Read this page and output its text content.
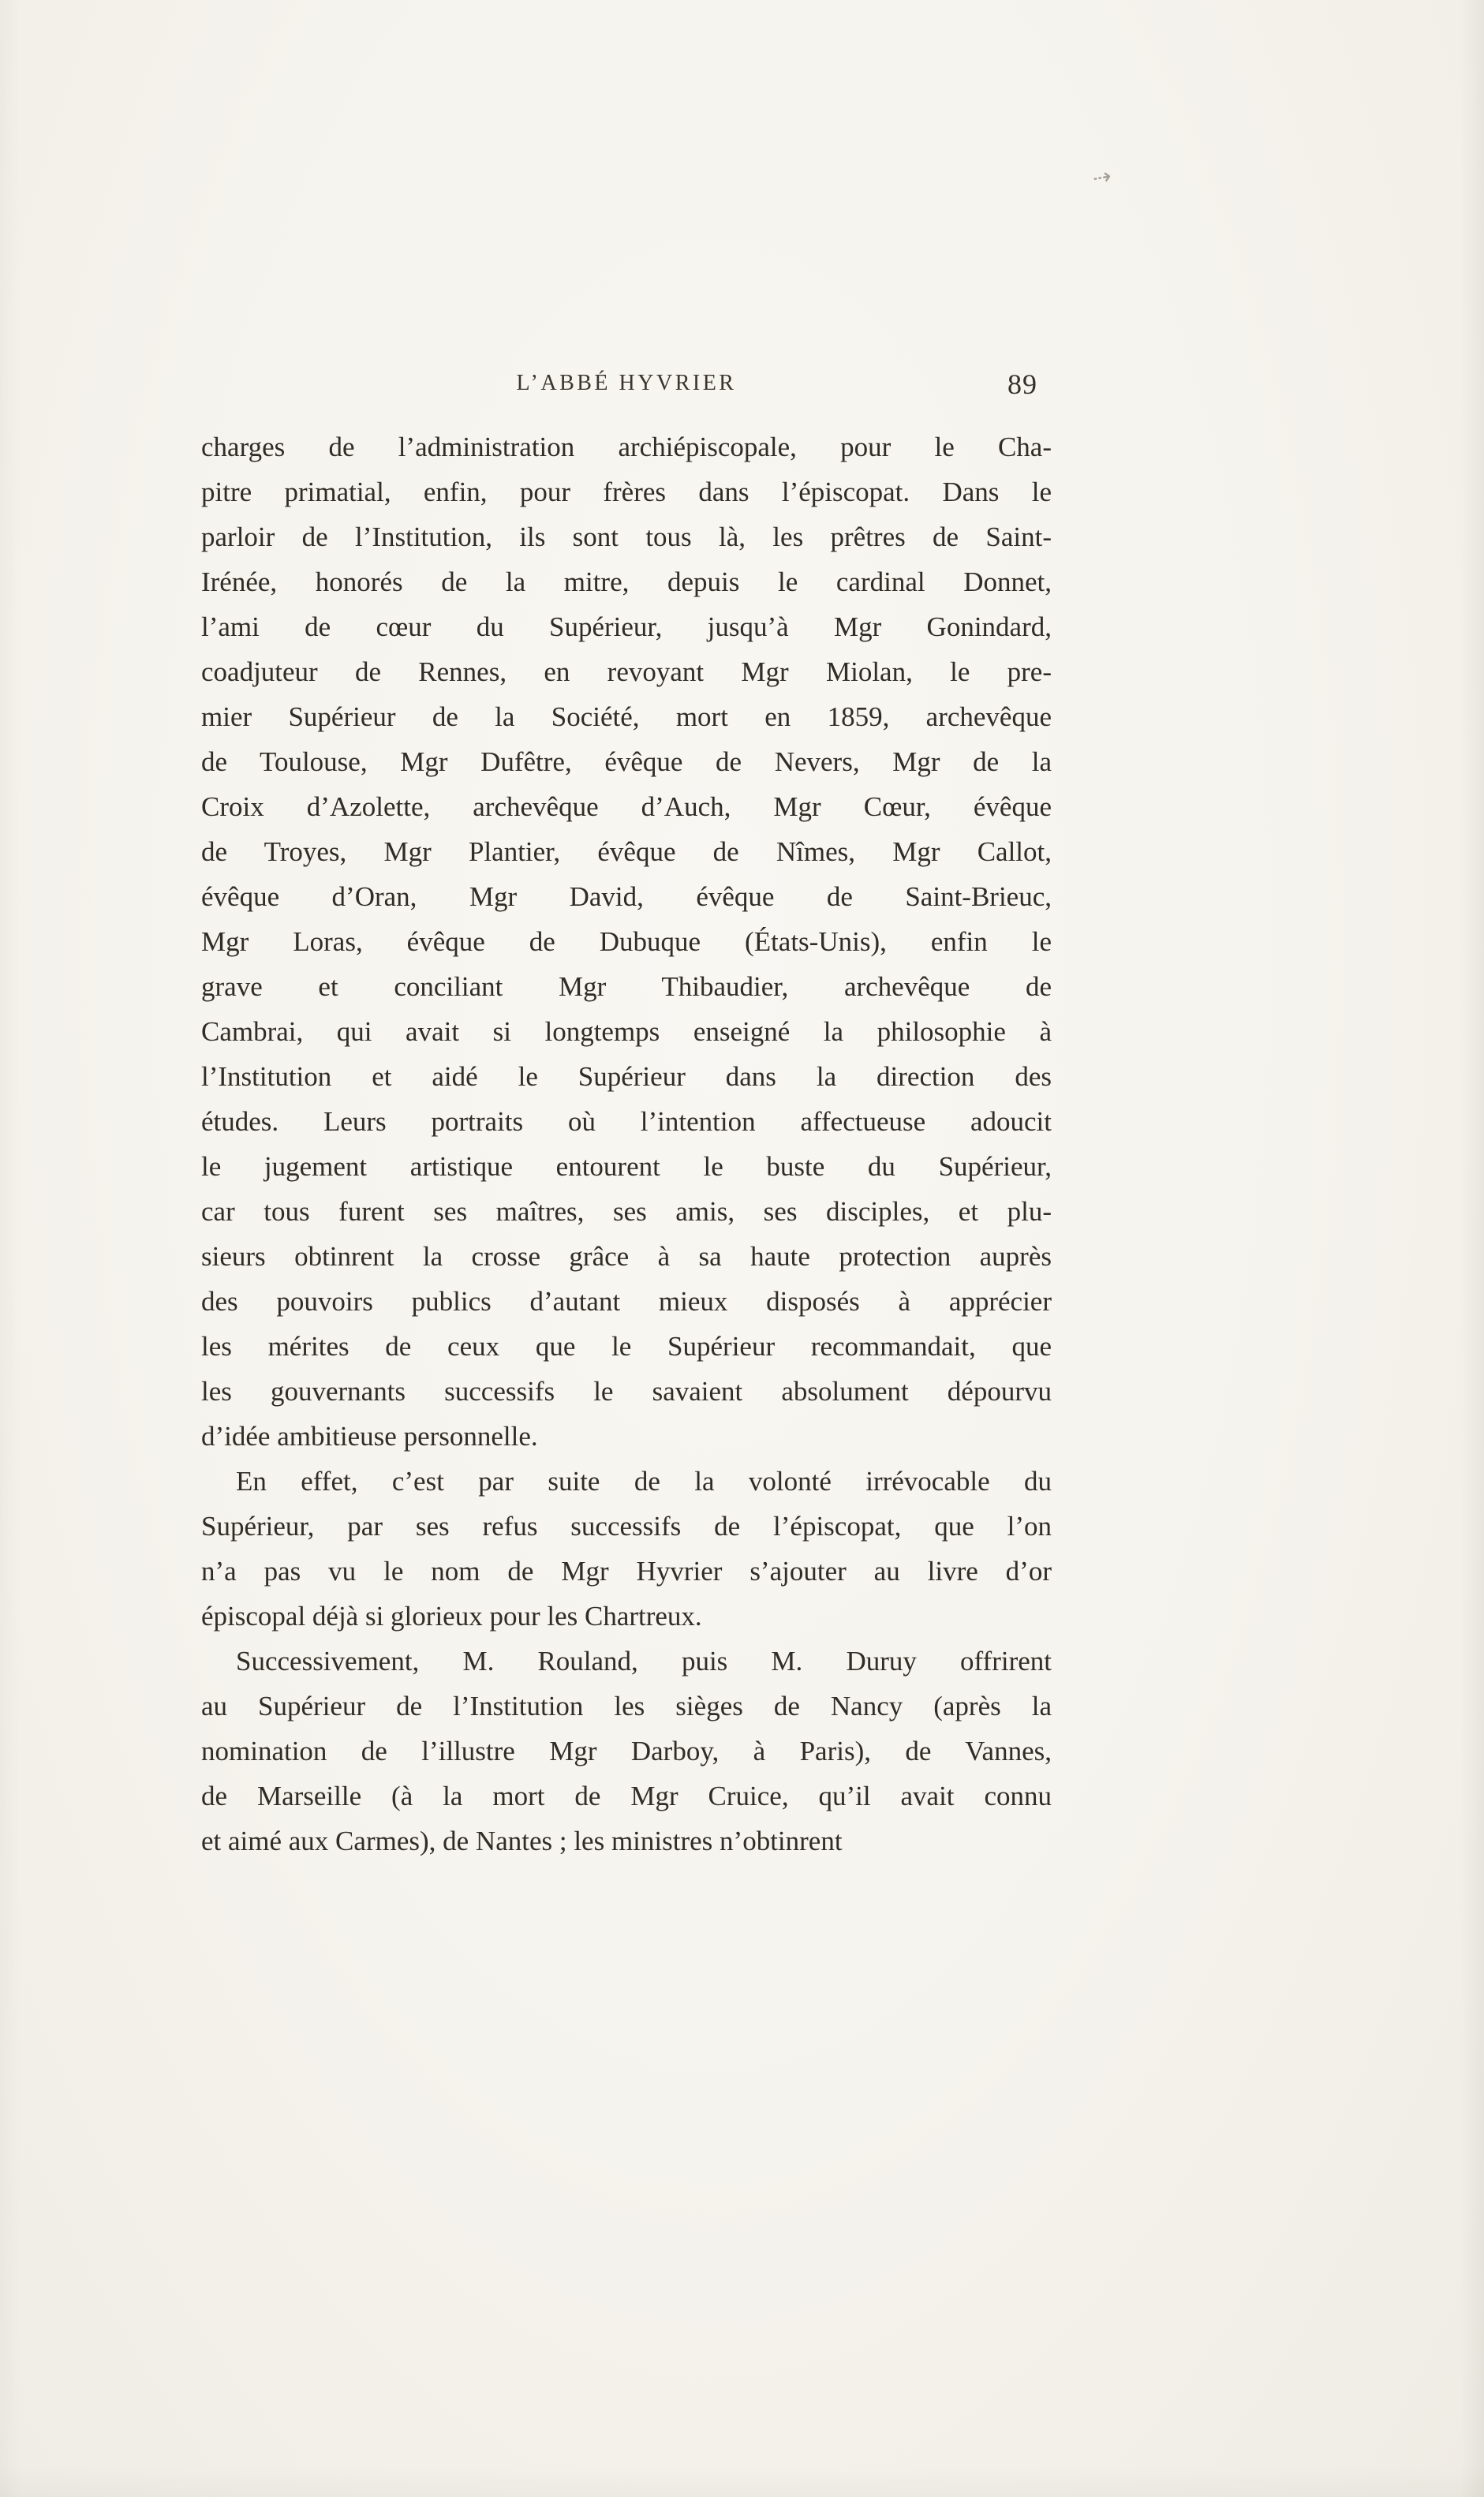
⇢
L’ABBÉ HYVRIER	89

charges de l’administration archiépiscopale, pour le Cha-
pitre primatial, enfin, pour frères dans l’épiscopat. Dans le
parloir de l’Institution, ils sont tous là, les prêtres de Saint-
Irénée, honorés de la mitre, depuis le cardinal Donnet,
l’ami de cœur du Supérieur, jusqu’à Mgr Gonindard,
coadjuteur de Rennes, en revoyant Mgr Miolan, le pre-
mier Supérieur de la Société, mort en 1859, archevêque
de Toulouse, Mgr Dufêtre, évêque de Nevers, Mgr de la
Croix d’Azolette, archevêque d’Auch, Mgr Cœur, évêque
de Troyes, Mgr Plantier, évêque de Nîmes, Mgr Callot,
évêque d’Oran, Mgr David, évêque de Saint-Brieuc,
Mgr Loras, évêque de Dubuque (États-Unis), enfin le
grave et conciliant Mgr Thibaudier, archevêque de
Cambrai, qui avait si longtemps enseigné la philosophie à
l’Institution et aidé le Supérieur dans la direction des
études. Leurs portraits où l’intention affectueuse adoucit
le jugement artistique entourent le buste du Supérieur,
car tous furent ses maîtres, ses amis, ses disciples, et plu-
sieurs obtinrent la crosse grâce à sa haute protection auprès
des pouvoirs publics d’autant mieux disposés à apprécier
les mérites de ceux que le Supérieur recommandait, que
les gouvernants successifs le savaient absolument dépourvu
d’idée ambitieuse personnelle.

En effet, c’est par suite de la volonté irrévocable du
Supérieur, par ses refus successifs de l’épiscopat, que l’on
n’a pas vu le nom de Mgr Hyvrier s’ajouter au livre d’or
épiscopal déjà si glorieux pour les Chartreux.

Successivement, M. Rouland, puis M. Duruy offrirent
au Supérieur de l’Institution les sièges de Nancy (après la
nomination de l’illustre Mgr Darboy, à Paris), de Vannes,
de Marseille (à la mort de Mgr Cruice, qu’il avait connu
et aimé aux Carmes), de Nantes ; les ministres n’obtinrent
